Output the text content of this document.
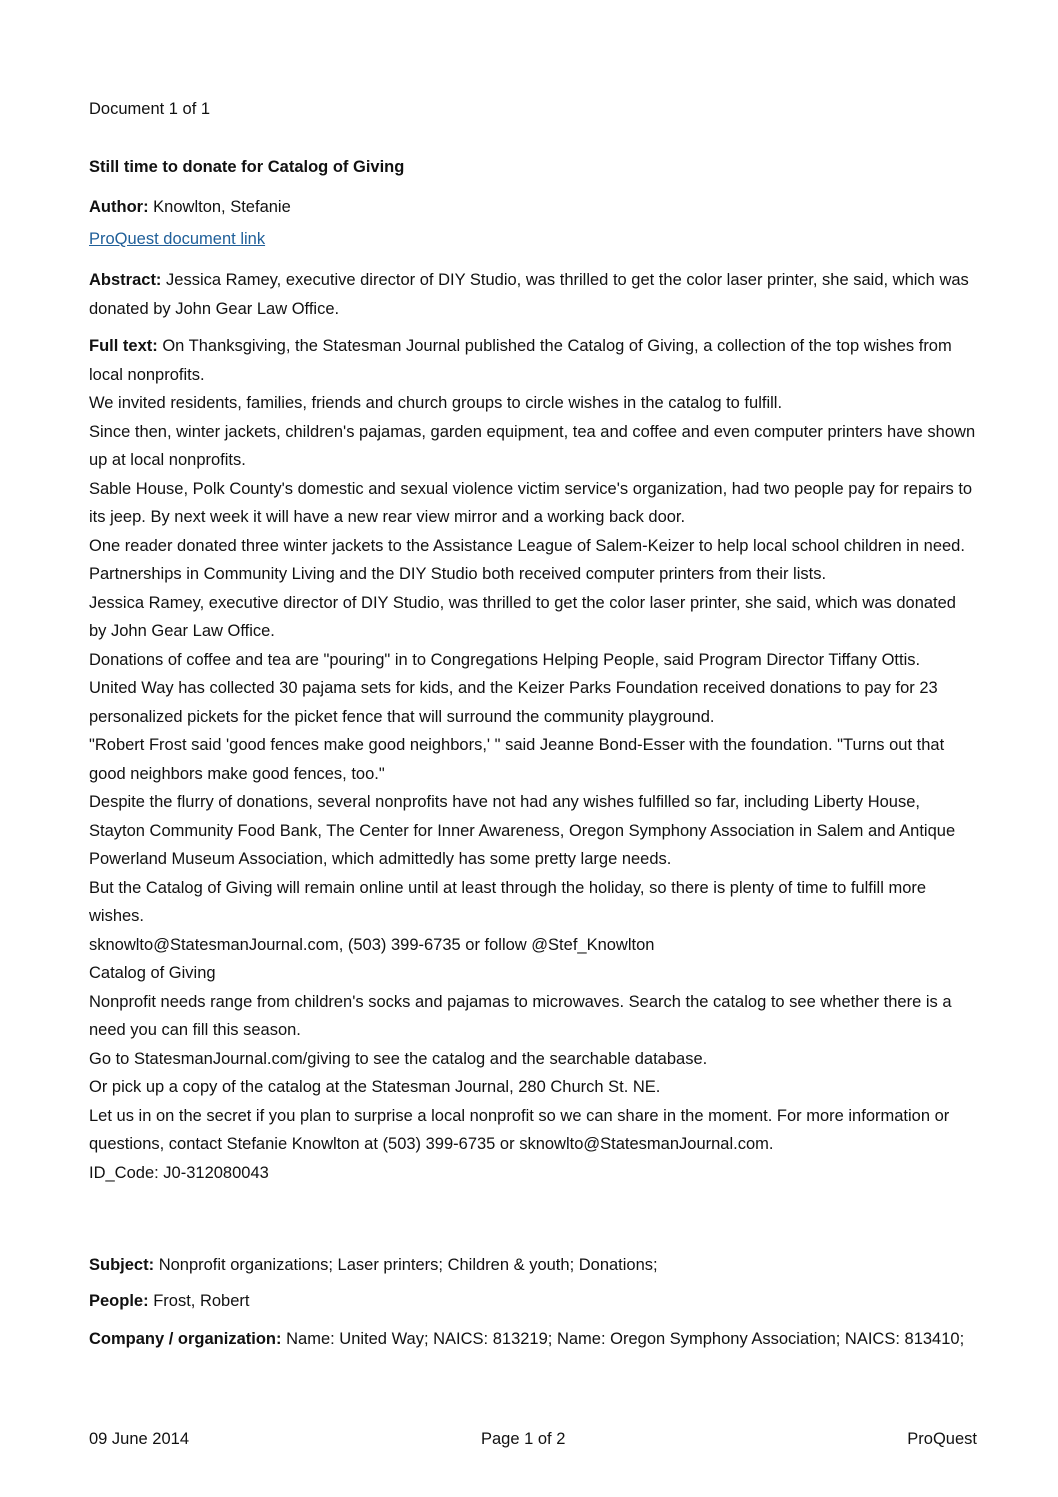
Document 1 of 1
Still time to donate for Catalog of Giving
Author: Knowlton, Stefanie
ProQuest document link
Abstract: Jessica Ramey, executive director of DIY Studio, was thrilled to get the color laser printer, she said, which was donated by John Gear Law Office.

Full text: On Thanksgiving, the Statesman Journal published the Catalog of Giving, a collection of the top wishes from local nonprofits.

We invited residents, families, friends and church groups to circle wishes in the catalog to fulfill.

Since then, winter jackets, children's pajamas, garden equipment, tea and coffee and even computer printers have shown up at local nonprofits.

Sable House, Polk County's domestic and sexual violence victim service's organization, had two people pay for repairs to its jeep. By next week it will have a new rear view mirror and a working back door.

One reader donated three winter jackets to the Assistance League of Salem-Keizer to help local school children in need.

Partnerships in Community Living and the DIY Studio both received computer printers from their lists.

Jessica Ramey, executive director of DIY Studio, was thrilled to get the color laser printer, she said, which was donated by John Gear Law Office.

Donations of coffee and tea are "pouring" in to Congregations Helping People, said Program Director Tiffany Ottis.

United Way has collected 30 pajama sets for kids, and the Keizer Parks Foundation received donations to pay for 23 personalized pickets for the picket fence that will surround the community playground.

"Robert Frost said 'good fences make good neighbors,' " said Jeanne Bond-Esser with the foundation. "Turns out that good neighbors make good fences, too."

Despite the flurry of donations, several nonprofits have not had any wishes fulfilled so far, including Liberty House, Stayton Community Food Bank, The Center for Inner Awareness, Oregon Symphony Association in Salem and Antique Powerland Museum Association, which admittedly has some pretty large needs.

But the Catalog of Giving will remain online until at least through the holiday, so there is plenty of time to fulfill more wishes.

sknowlto@StatesmanJournal.com, (503) 399-6735 or follow @Stef_Knowlton

Catalog of Giving

Nonprofit needs range from children's socks and pajamas to microwaves. Search the catalog to see whether there is a need you can fill this season.

Go to StatesmanJournal.com/giving to see the catalog and the searchable database.

Or pick up a copy of the catalog at the Statesman Journal, 280 Church St. NE.

Let us in on the secret if you plan to surprise a local nonprofit so we can share in the moment. For more information or questions, contact Stefanie Knowlton at (503) 399-6735 or sknowlto@StatesmanJournal.com.

ID_Code: J0-312080043

Subject: Nonprofit organizations; Laser printers; Children & youth; Donations;
People: Frost, Robert
Company / organization: Name: United Way; NAICS: 813219; Name: Oregon Symphony Association; NAICS: 813410;
09 June 2014	Page 1 of 2	ProQuest
